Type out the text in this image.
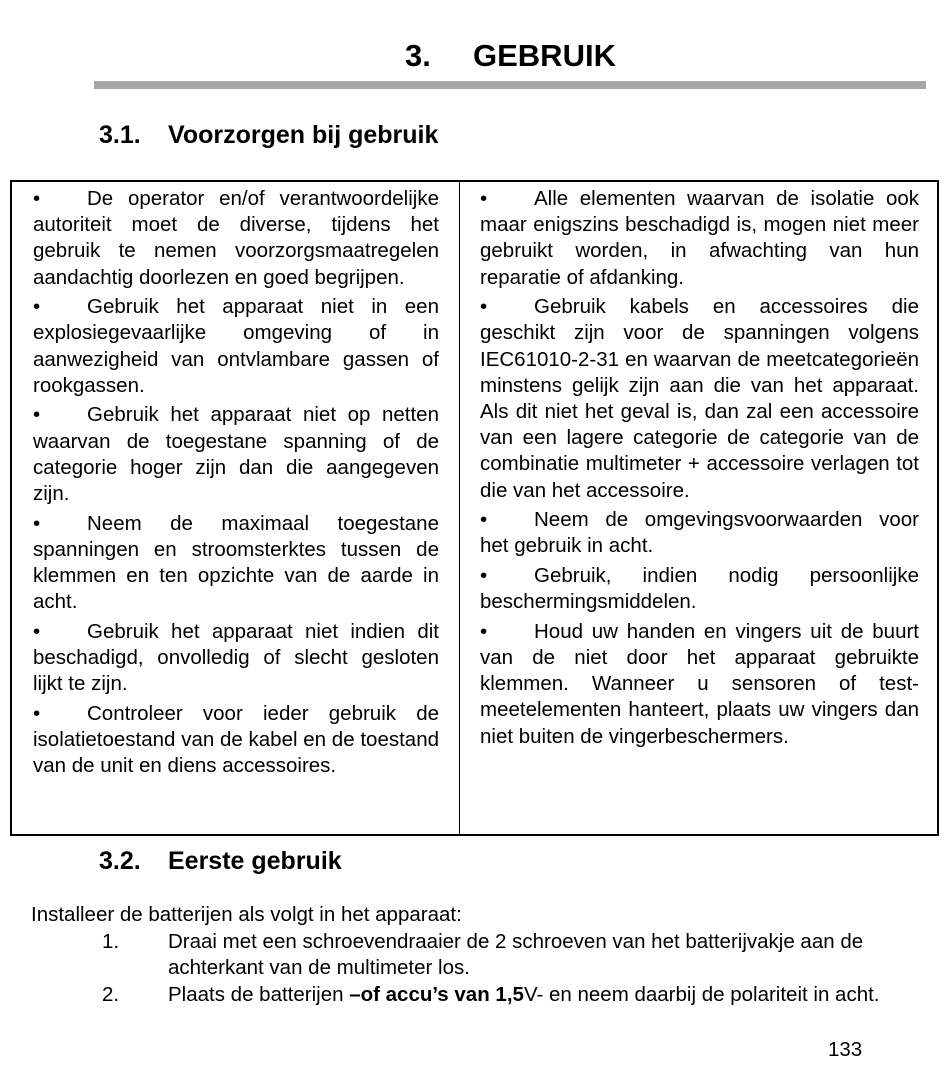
3. GEBRUIK
3.1. Voorzorgen bij gebruik

• De operator en/of verantwoordelijke autoriteit moet de diverse, tijdens het gebruik te nemen voorzorgsmaatregelen aandachtig doorlezen en goed begrijpen.

• Gebruik het apparaat niet in een explosiegevaarlijke omgeving of in aanwezigheid van ontvlambare gassen of rookgassen.

• Gebruik het apparaat niet op netten waarvan de toegestane spanning of de categorie hoger zijn dan die aangegeven zijn.

• Neem de maximaal toegestane spanningen en stroomsterktes tussen de klemmen en ten opzichte van de aarde in acht.

• Gebruik het apparaat niet indien dit beschadigd, onvolledig of slecht gesloten lijkt te zijn.

• Controleer voor ieder gebruik de isolatietoestand van de kabel en de toestand van de unit en diens accessoires.

• Alle elementen waarvan de isolatie ook maar enigszins beschadigd is, mogen niet meer gebruikt worden, in afwachting van hun reparatie of afdanking.

• Gebruik kabels en accessoires die geschikt zijn voor de spanningen volgens IEC61010-2-31 en waarvan de meetcategorieën minstens gelijk zijn aan die van het apparaat. Als dit niet het geval is, dan zal een accessoire van een lagere categorie de categorie van de combinatie multimeter + accessoire verlagen tot die van het accessoire.

• Neem de omgevingsvoorwaarden voor het gebruik in acht.

• Gebruik, indien nodig persoonlijke beschermingsmiddelen.

• Houd uw handen en vingers uit de buurt van de niet door het apparaat gebruikte klemmen. Wanneer u sensoren of test-meetelementen hanteert, plaats uw vingers dan niet buiten de vingerbeschermers.

3.2. Eerste gebruik
Installeer de batterijen als volgt in het apparaat:
1.	Draai met een schroevendraaier de 2 schroeven van het batterijvakje aan de achterkant van de multimeter los.
2.	Plaats de batterijen –of accu’s van 1,5V- en neem daarbij de polariteit in acht.
133
